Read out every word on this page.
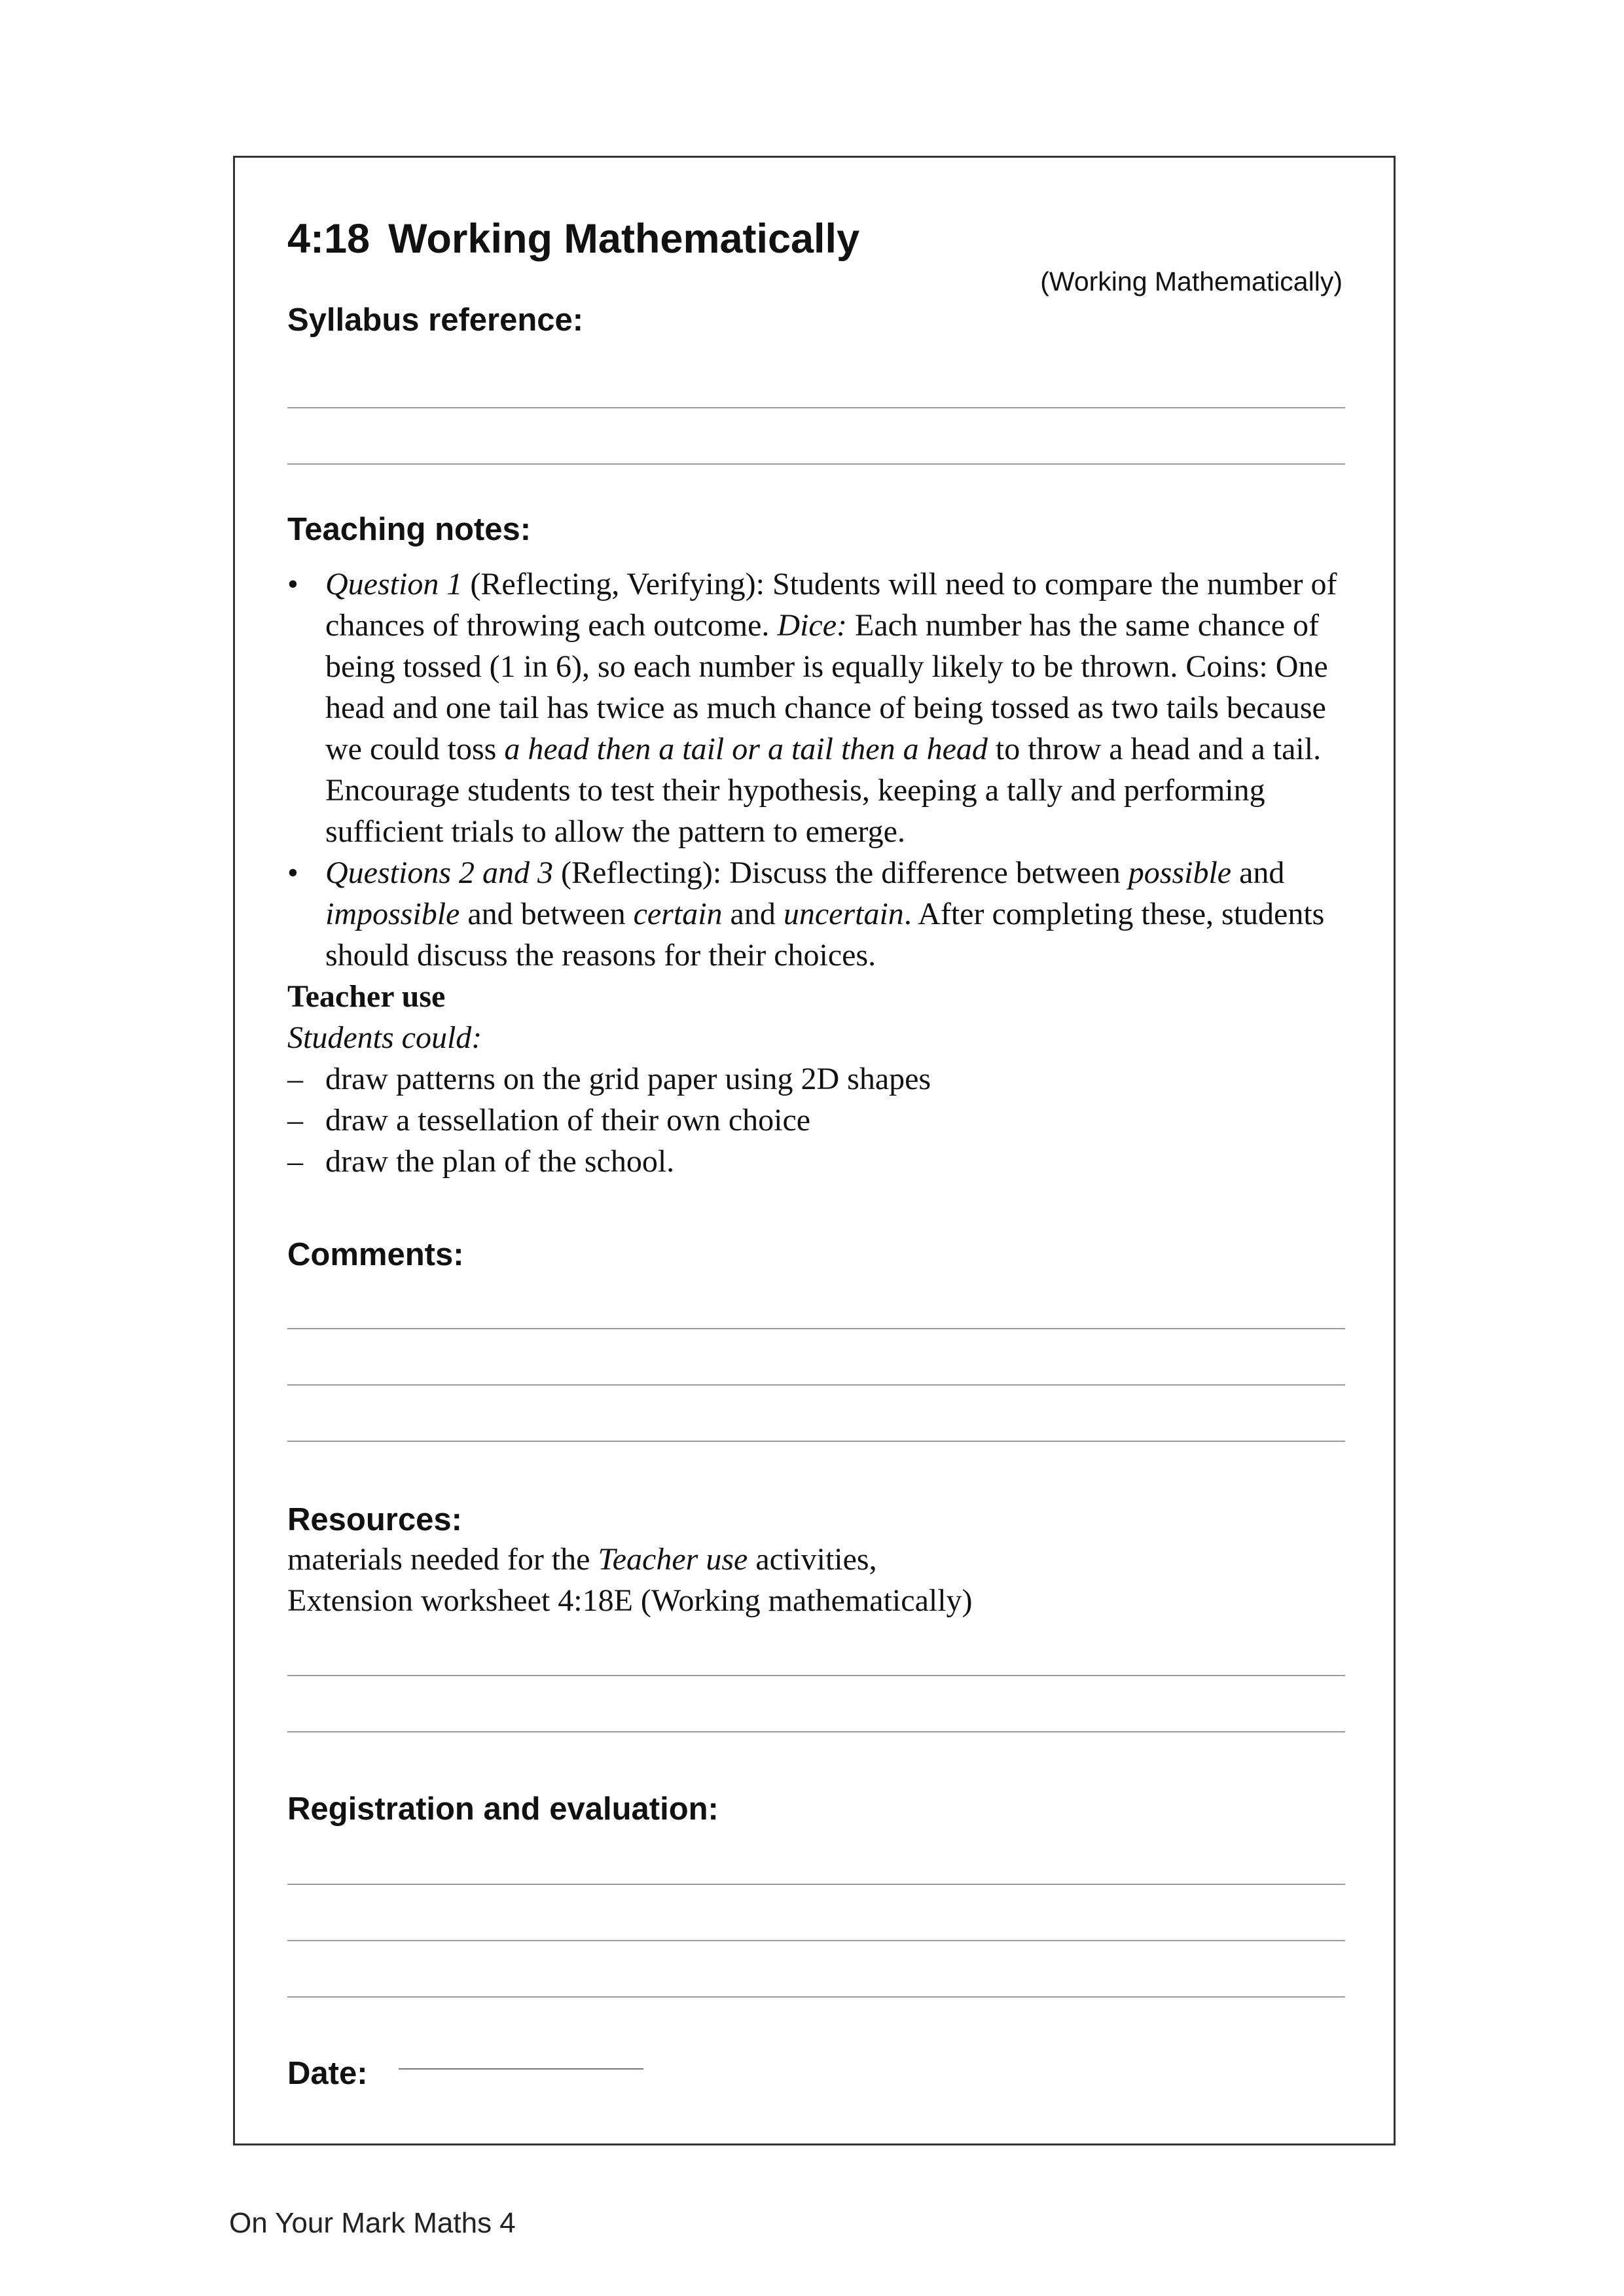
4:18 Working Mathematically
(Working Mathematically)
Syllabus reference:
Teaching notes:
• Question 1 (Reflecting, Verifying): Students will need to compare the number of chances of throwing each outcome. Dice: Each number has the same chance of being tossed (1 in 6), so each number is equally likely to be thrown. Coins: One head and one tail has twice as much chance of being tossed as two tails because we could toss a head then a tail or a tail then a head to throw a head and a tail. Encourage students to test their hypothesis, keeping a tally and performing sufficient trials to allow the pattern to emerge.
• Questions 2 and 3 (Reflecting): Discuss the difference between possible and impossible and between certain and uncertain. After completing these, students should discuss the reasons for their choices.
Teacher use
Students could:
– draw patterns on the grid paper using 2D shapes
– draw a tessellation of their own choice
– draw the plan of the school.
Comments:
Resources:
materials needed for the Teacher use activities,
Extension worksheet 4:18E (Working mathematically)
Registration and evaluation:
Date:
On Your Mark Maths 4
